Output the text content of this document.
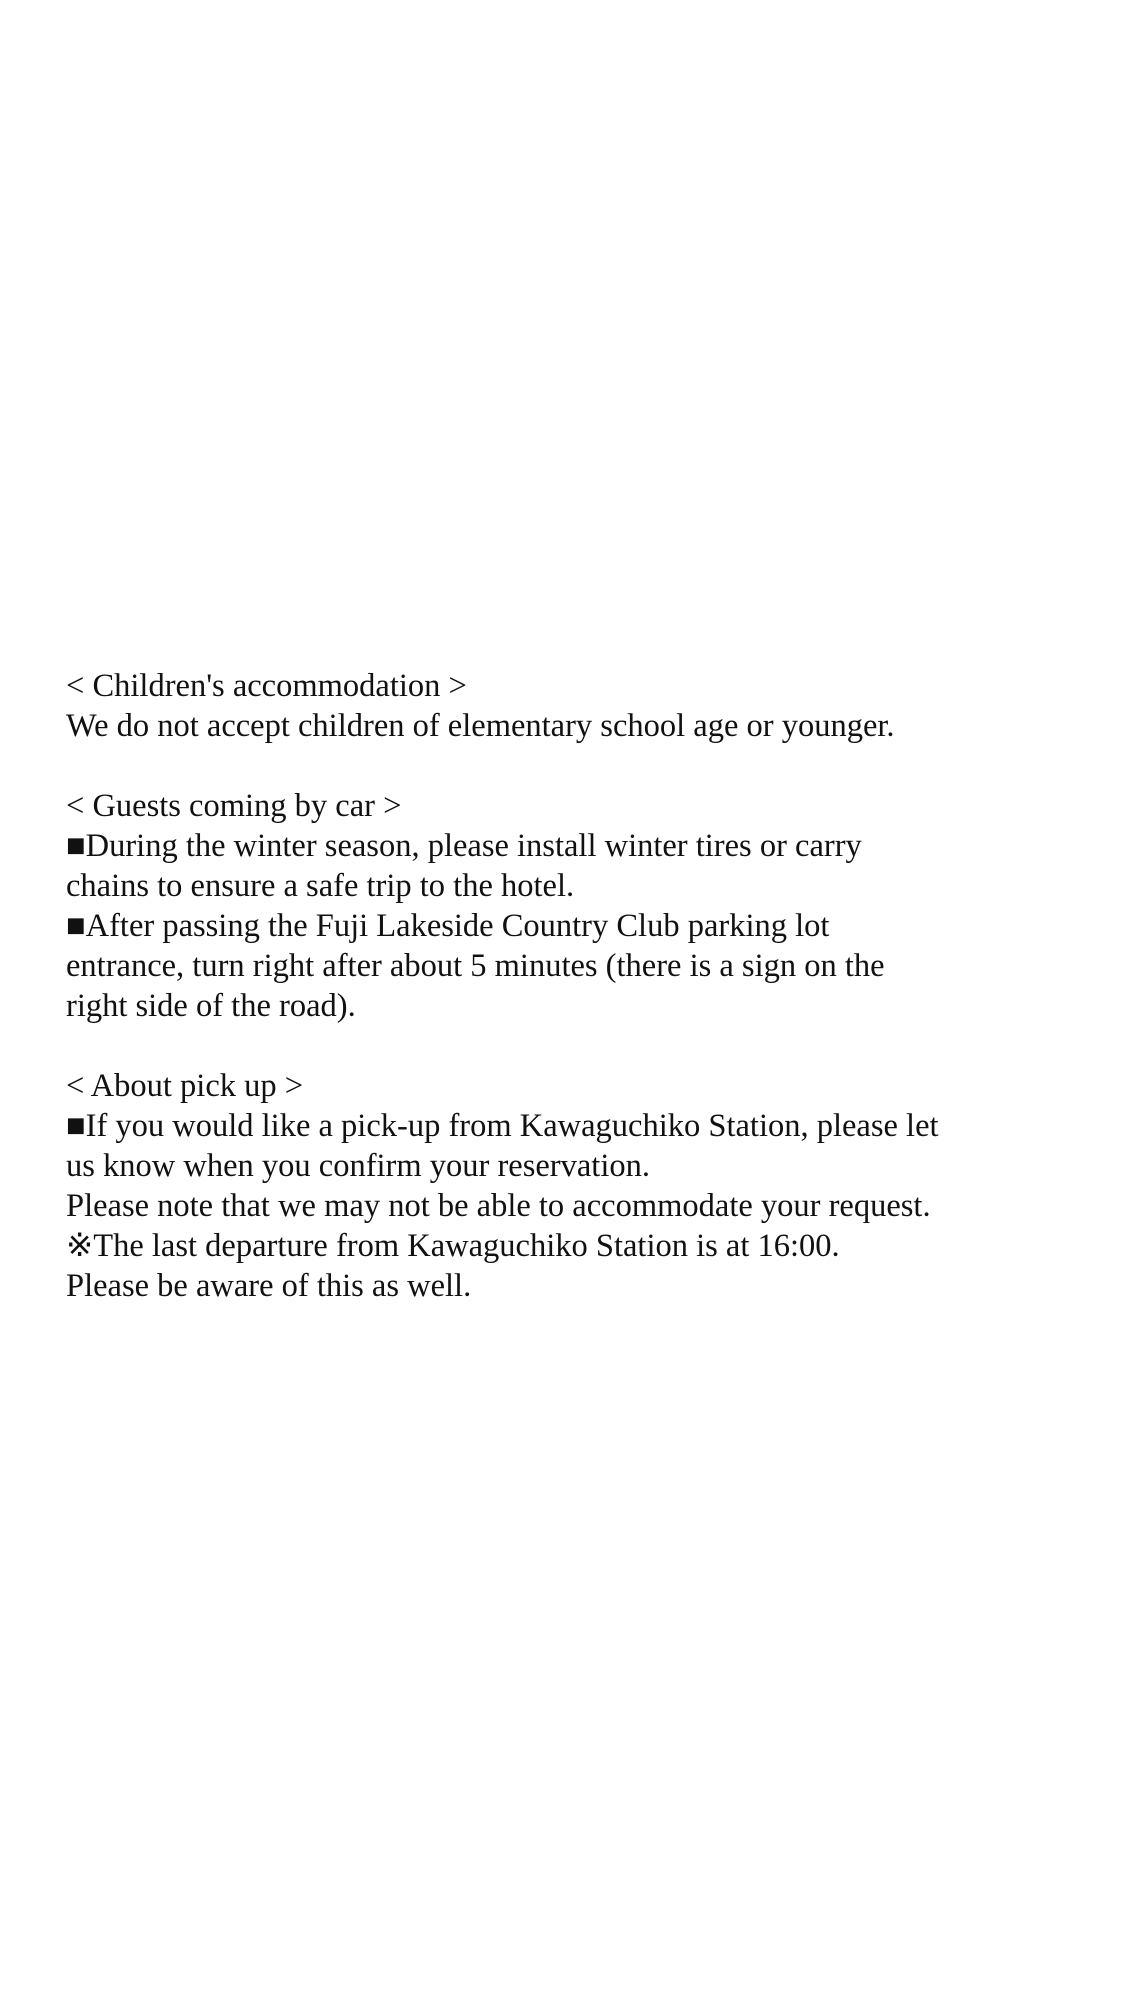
< Children's accommodation >
We do not accept children of elementary school age or younger.
< Guests coming by car >
■During the winter season, please install winter tires or carry
chains to ensure a safe trip to the hotel.
■After passing the Fuji Lakeside Country Club parking lot
entrance, turn right after about 5 minutes (there is a sign on the
right side of the road).
< About pick up >
■If you would like a pick-up from Kawaguchiko Station, please let
us know when you confirm your reservation.
Please note that we may not be able to accommodate your request.
※The last departure from Kawaguchiko Station is at 16:00.
Please be aware of this as well.
